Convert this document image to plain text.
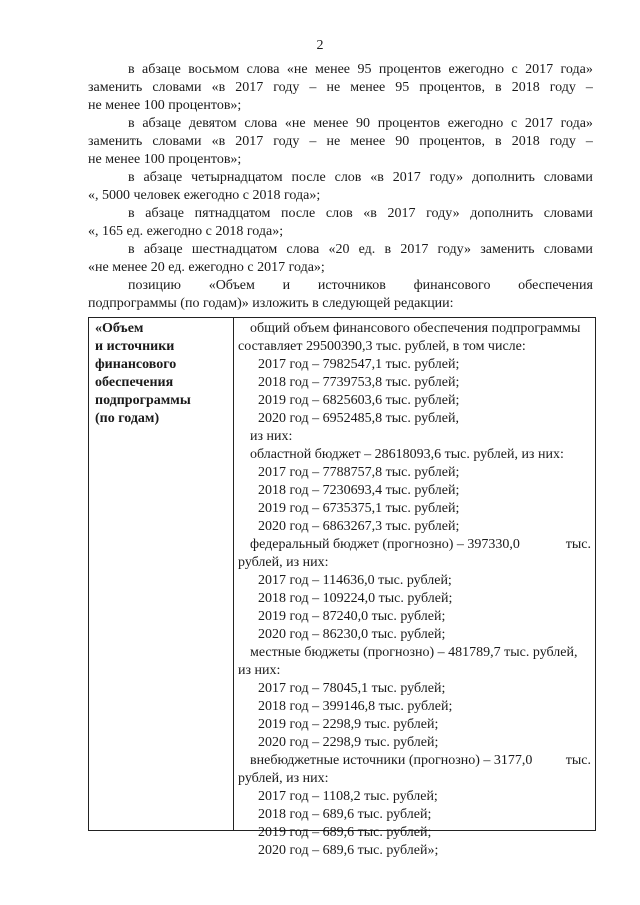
2
в абзаце восьмом слова «не менее 95 процентов ежегодно с 2017 года»
заменить словами «в 2017 году – не менее 95 процентов, в 2018 году –
не менее 100 процентов»;
в абзаце девятом слова «не менее 90 процентов ежегодно с 2017 года»
заменить словами «в 2017 году – не менее 90 процентов, в 2018 году –
не менее 100 процентов»;
в абзаце четырнадцатом после слов «в 2017 году» дополнить словами
«, 5000 человек ежегодно с 2018 года»;
в абзаце пятнадцатом после слов «в 2017 году» дополнить словами
«, 165 ед. ежегодно с 2018 года»;
в абзаце шестнадцатом слова «20 ед. в 2017 году» заменить словами
«не менее 20 ед. ежегодно с 2017 года»;
позицию «Объем и источников финансового обеспечения
подпрограммы (по годам)» изложить в следующей редакции:
«Объем
и источники
финансового
обеспечения
подпрограммы
(по годам)
общий объем финансового обеспечения подпрограммы
составляет 29500390,3 тыс. рублей, в том числе:
2017 год – 7982547,1 тыс. рублей;
2018 год – 7739753,8 тыс. рублей;
2019 год – 6825603,6 тыс. рублей;
2020 год – 6952485,8 тыс. рублей,
из них:
областной бюджет – 28618093,6 тыс. рублей, из них:
2017 год – 7788757,8 тыс. рублей;
2018 год – 7230693,4 тыс. рублей;
2019 год – 6735375,1 тыс. рублей;
2020 год – 6863267,3 тыс. рублей;
федеральный бюджет (прогнозно) – 397330,0	тыс.
рублей, из них:
2017 год – 114636,0 тыс. рублей;
2018 год – 109224,0 тыс. рублей;
2019 год – 87240,0 тыс. рублей;
2020 год – 86230,0 тыс. рублей;
местные бюджеты (прогнозно) – 481789,7 тыс. рублей,
из них:
2017 год – 78045,1 тыс. рублей;
2018 год – 399146,8 тыс. рублей;
2019 год – 2298,9 тыс. рублей;
2020 год – 2298,9 тыс. рублей;
внебюджетные источники (прогнозно) – 3177,0 тыс.
рублей, из них:
2017 год – 1108,2 тыс. рублей;
2018 год – 689,6 тыс. рублей;
2019 год – 689,6 тыс. рублей;
2020 год – 689,6 тыс. рублей»;
